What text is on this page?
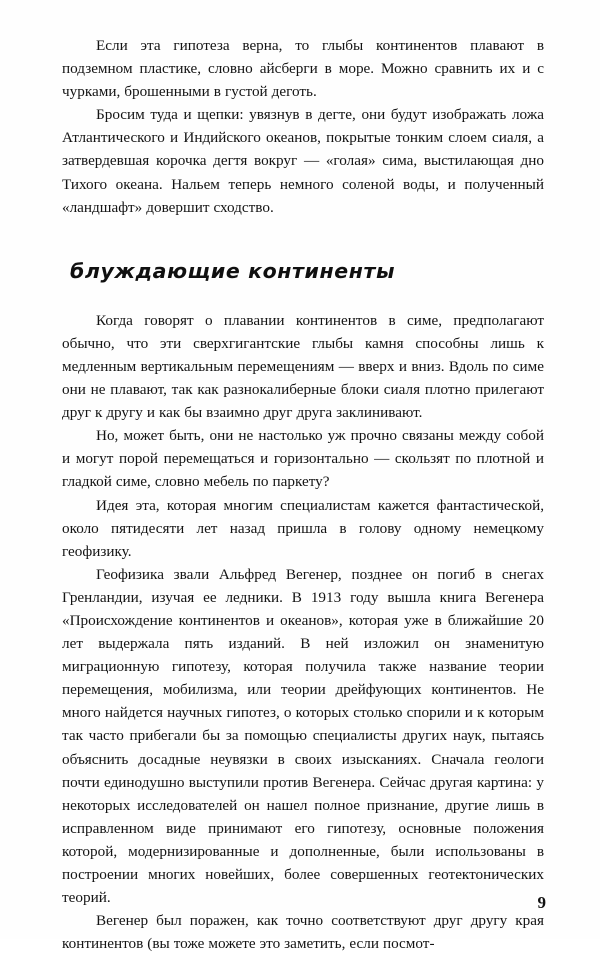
Если эта гипотеза верна, то глыбы континентов плавают в подземном пластике, словно айсберги в море. Можно сравнить их и с чурками, брошенными в густой деготь.

Бросим туда и щепки: увязнув в дегте, они будут изображать ложа Атлантического и Индийского океанов, покрытые тонким слоем сиаля, а затвердевшая корочка дегтя вокруг — «голая» сима, выстилающая дно Тихого океана. Нальем теперь немного соленой воды, и полученный «ландшафт» довершит сходство.

блуждающие континенты

Когда говорят о плавании континентов в симе, предполагают обычно, что эти сверхгигантские глыбы камня способны лишь к медленным вертикальным перемещениям — вверх и вниз. Вдоль по симе они не плавают, так как разнокалиберные блоки сиаля плотно прилегают друг к другу и как бы взаимно друг друга заклинивают.

Но, может быть, они не настолько уж прочно связаны между собой и могут порой перемещаться и горизонтально — скользят по плотной и гладкой симе, словно мебель по паркету?

Идея эта, которая многим специалистам кажется фантастической, около пятидесяти лет назад пришла в голову одному немецкому геофизику.

Геофизика звали Альфред Вегенер, позднее он погиб в снегах Гренландии, изучая ее ледники. В 1913 году вышла книга Вегенера «Происхождение континентов и океанов», которая уже в ближайшие 20 лет выдержала пять изданий. В ней изложил он знаменитую миграционную гипотезу, которая получила также название теории перемещения, мобилизма, или теории дрейфующих континентов. Не много найдется научных гипотез, о которых столько спорили и к которым так часто прибегали бы за помощью специалисты других наук, пытаясь объяснить досадные неувязки в своих изысканиях. Сначала геологи почти единодушно выступили против Вегенера. Сейчас другая картина: у некоторых исследователей он нашел полное признание, другие лишь в исправленном виде принимают его гипотезу, основные положения которой, модернизированные и дополненные, были использованы в построении многих новейших, более совершенных геотектонических теорий.

Вегенер был поражен, как точно соответствуют друг другу края континентов (вы тоже можете это заметить, если посмот-

9
